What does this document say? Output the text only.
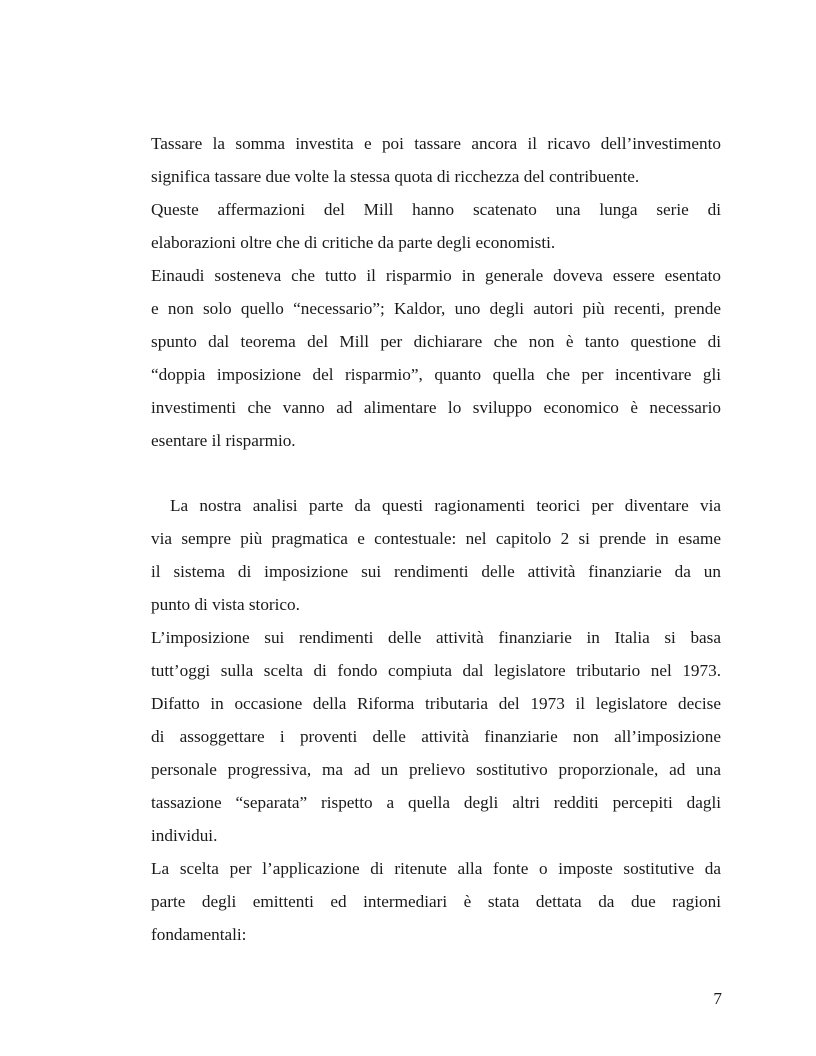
Tassare la somma investita e poi tassare ancora il ricavo dell’investimento
significa tassare due volte la stessa quota di ricchezza del contribuente.
Queste affermazioni del Mill hanno scatenato una lunga serie di
elaborazioni oltre che di critiche da parte degli economisti.
Einaudi sosteneva che tutto il risparmio in generale doveva essere esentato
e non solo quello “necessario”; Kaldor, uno degli autori più recenti, prende
spunto dal teorema del Mill per dichiarare che non è tanto questione di
“doppia imposizione del risparmio”, quanto quella che per incentivare gli
investimenti che vanno ad alimentare lo sviluppo economico è necessario
esentare il risparmio.
La nostra analisi parte da questi ragionamenti teorici per diventare via
via sempre più pragmatica e contestuale: nel capitolo 2 si prende in esame
il sistema di imposizione sui rendimenti delle attività finanziarie da un
punto di vista storico.
L’imposizione sui rendimenti delle attività finanziarie in Italia si basa
tutt’oggi sulla scelta di fondo compiuta dal legislatore tributario nel 1973.
Difatto in occasione della Riforma tributaria del 1973 il legislatore decise
di assoggettare i proventi delle attività finanziarie non all’imposizione
personale progressiva, ma ad un prelievo sostitutivo proporzionale, ad una
tassazione “separata” rispetto a quella degli altri redditi percepiti dagli
individui.
La scelta per l’applicazione di ritenute alla fonte o imposte sostitutive da
parte degli emittenti ed intermediari è stata dettata da due ragioni
fondamentali:
7
